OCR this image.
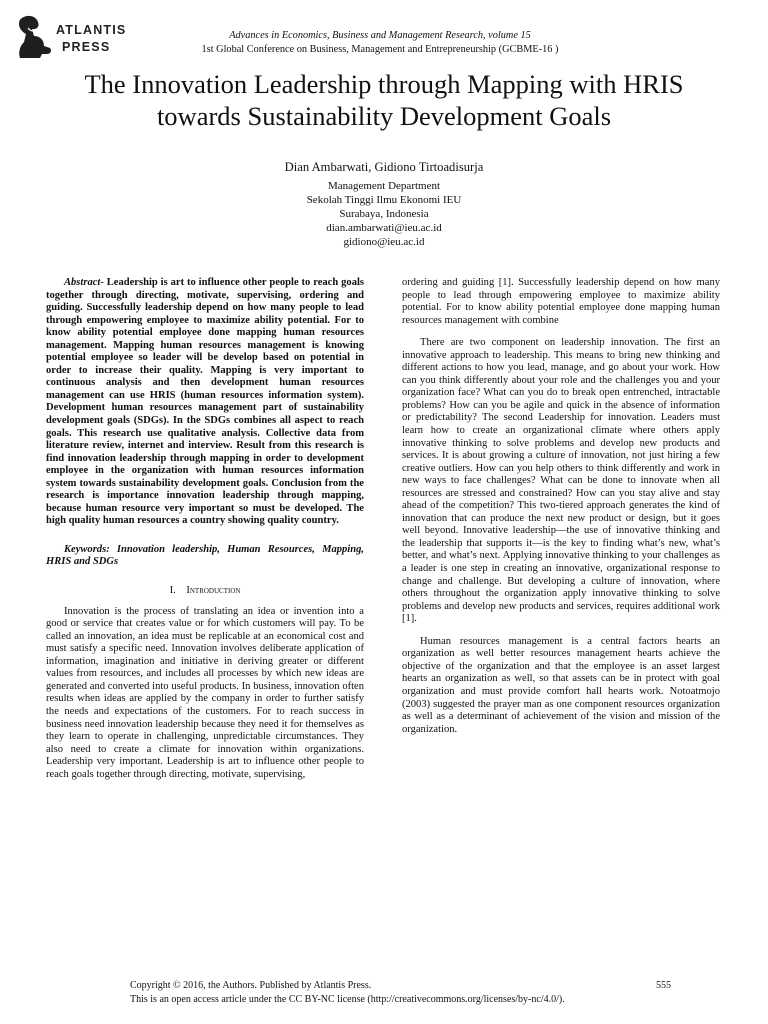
ATLANTIS
PRESS
Advances in Economics, Business and Management Research, volume 15
1st Global Conference on Business, Management and Entrepreneurship (GCBME-16 )
The Innovation Leadership through Mapping with HRIS towards Sustainability Development Goals
Dian Ambarwati, Gidiono Tirtoadisurja
Management Department
Sekolah Tinggi Ilmu Ekonomi IEU
Surabaya, Indonesia
dian.ambarwati@ieu.ac.id
gidiono@ieu.ac.id

Abstract- Leadership is art to influence other people to reach goals together through directing, motivate, supervising, ordering and guiding. Successfully leadership depend on how many people to lead through empowering employee to maximize ability potential. For to know ability potential employee done mapping human resources management. Mapping human resources management is knowing potential employee so leader will be develop based on potential in order to increase their quality. Mapping is very important to continuous analysis and then development human resources management can use HRIS (human resources information system). Development human resources management part of sustainability development goals (SDGs). In the SDGs combines all aspect to reach goals. This research use qualitative analysis. Collective data from literature review, internet and interview. Result from this research is find innovation leadership through mapping in order to development employee in the organization with human resources information system towards sustainability development goals. Conclusion from the research is importance innovation leadership through mapping, because human resource very important so must be developed. The high quality human resources a country showing quality country.

Keywords: Innovation leadership, Human Resources, Mapping, HRIS and SDGs

I. Introduction

Innovation is the process of translating an idea or invention into a good or service that creates value or for which customers will pay. To be called an innovation, an idea must be replicable at an economical cost and must satisfy a specific need. Innovation involves deliberate application of information, imagination and initiative in deriving greater or different values from resources, and includes all processes by which new ideas are generated and converted into useful products. In business, innovation often results when ideas are applied by the company in order to further satisfy the needs and expectations of the customers. For to reach success in business need innovation leadership because they need it for themselves as they learn to operate in challenging, unpredictable circumstances. They also need to create a climate for innovation within organizations. Leadership very important. Leadership is art to influence other people to reach goals together through directing, motivate, supervising,

ordering and guiding [1]. Successfully leadership depend on how many people to lead through empowering employee to maximize ability potential. For to know ability potential employee done mapping human resources management with combine

There are two component on leadership innovation. The first an innovative approach to leadership. This means to bring new thinking and different actions to how you lead, manage, and go about your work. How can you think differently about your role and the challenges you and your organization face? What can you do to break open entrenched, intractable problems? How can you be agile and quick in the absence of information or predictability? The second Leadership for innovation. Leaders must learn how to create an organizational climate where others apply innovative thinking to solve problems and develop new products and services. It is about growing a culture of innovation, not just hiring a few creative outliers. How can you help others to think differently and work in new ways to face challenges? What can be done to innovate when all resources are stressed and constrained? How can you stay alive and stay ahead of the competition? This two-tiered approach generates the kind of innovation that can produce the next new product or design, but it goes well beyond. Innovative leadership—the use of innovative thinking and the leadership that supports it—is the key to finding what’s new, what’s better, and what’s next. Applying innovative thinking to your challenges as a leader is one step in creating an innovative, organizational response to change and challenge. But developing a culture of innovation, where others throughout the organization apply innovative thinking to solve problems and develop new products and services, requires additional work [1].

Human resources management is a central factors hearts an organization as well better resources management hearts achieve the objective of the organization and that the employee is an asset largest hearts an organization as well, so that assets can be in protect with goal organization and must provide comfort hall hearts work. Notoatmojo (2003) suggested the prayer man as one component resources organization as well as a determinant of achievement of the vision and mission of the organization.

Copyright © 2016, the Authors. Published by Atlantis Press.	555
This is an open access article under the CC BY-NC license (http://creativecommons.org/licenses/by-nc/4.0/).
